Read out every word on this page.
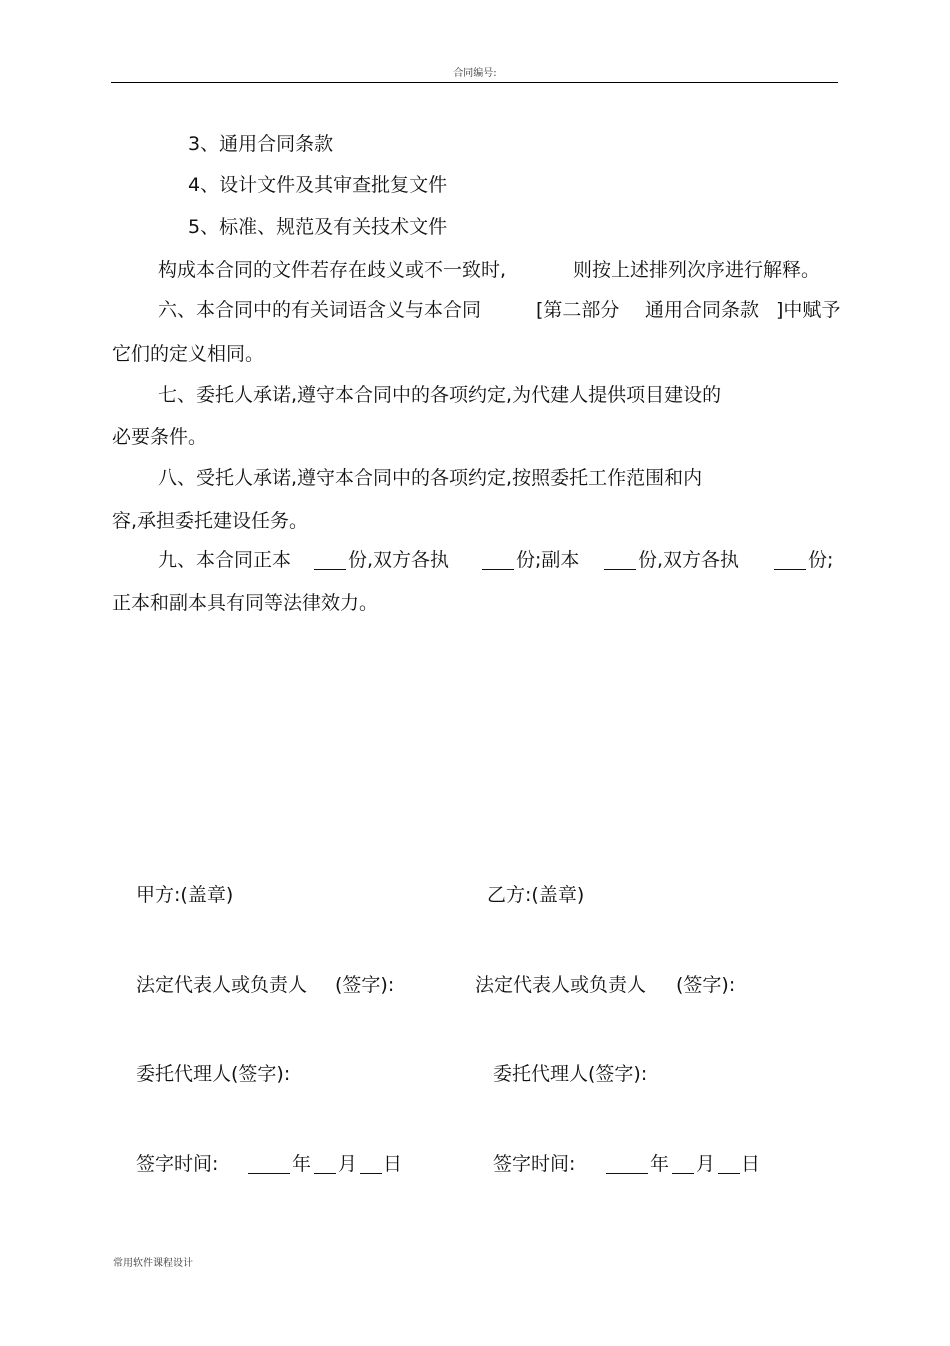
合同编号:
3、通用合同条款
4、设计文件及其审查批复文件
5、标准、规范及有关技术文件
构成本合同的文件若存在歧义或不一致时,	则按上述排列次序进行解释。
六、本合同中的有关词语含义与本合同	[第二部分 通用合同条款 ]中赋予
它们的定义相同。
七、委托人承诺,遵守本合同中的各项约定,为代建人提供项目建设的
必要条件。
八、受托人承诺,遵守本合同中的各项约定,按照委托工作范围和内
容,承担委托建设任务。
九、本合同正本	份,双方各执	份;副本	份,双方各执	份;
正本和副本具有同等法律效力。
甲方:(盖章)	乙方:(盖章)
法定代表人或负责人 (签字):	法定代表人或负责人 (签字):
委托代理人(签字):	委托代理人(签字):
签字时间:	年 月 日	签字时间:	年 月 日
常用软件课程设计
